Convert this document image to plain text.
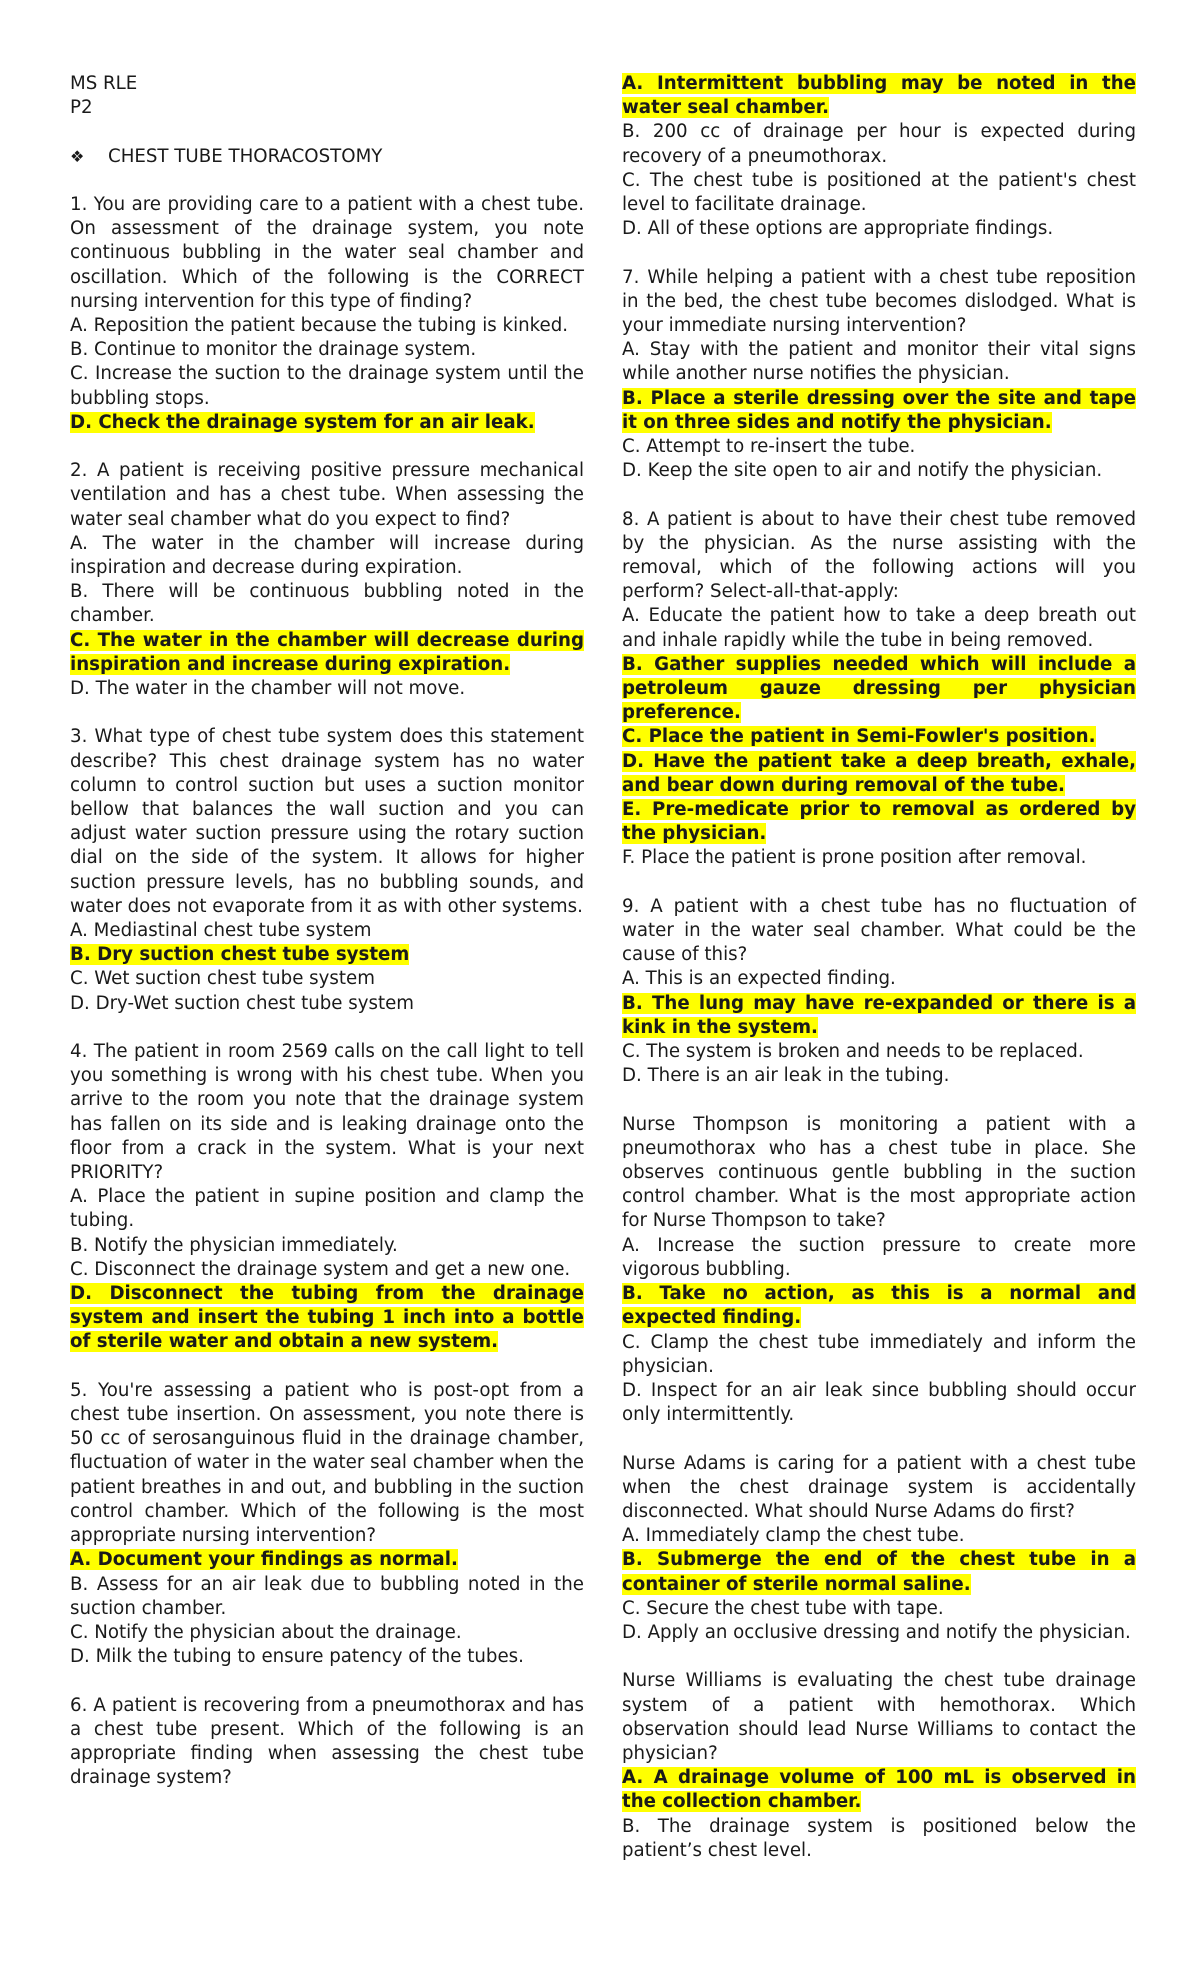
MS RLE

P2

❖	CHEST TUBE THORACOSTOMY

1. You are providing care to a patient with a chest tube. On assessment of the drainage system, you note continuous bubbling in the water seal chamber and oscillation. Which of the following is the CORRECT nursing intervention for this type of finding?

A. Reposition the patient because the tubing is kinked.

B. Continue to monitor the drainage system.

C. Increase the suction to the drainage system until the bubbling stops.

D. Check the drainage system for an air leak.

2. A patient is receiving positive pressure mechanical ventilation and has a chest tube. When assessing the water seal chamber what do you expect to find?

A. The water in the chamber will increase during inspiration and decrease during expiration.

B. There will be continuous bubbling noted in the chamber.

C. The water in the chamber will decrease during inspiration and increase during expiration.

D. The water in the chamber will not move.

3. What type of chest tube system does this statement describe? This chest drainage system has no water column to control suction but uses a suction monitor bellow that balances the wall suction and you can adjust water suction pressure using the rotary suction dial on the side of the system. It allows for higher suction pressure levels, has no bubbling sounds, and water does not evaporate from it as with other systems.

A. Mediastinal chest tube system

B. Dry suction chest tube system

C. Wet suction chest tube system

D. Dry-Wet suction chest tube system

4. The patient in room 2569 calls on the call light to tell you something is wrong with his chest tube. When you arrive to the room you note that the drainage system has fallen on its side and is leaking drainage onto the floor from a crack in the system. What is your next PRIORITY?

A. Place the patient in supine position and clamp the tubing.

B. Notify the physician immediately.

C. Disconnect the drainage system and get a new one.

D. Disconnect the tubing from the drainage system and insert the tubing 1 inch into a bottle of sterile water and obtain a new system.

5. You're assessing a patient who is post-opt from a chest tube insertion. On assessment, you note there is 50 cc of serosanguinous fluid in the drainage chamber, fluctuation of water in the water seal chamber when the patient breathes in and out, and bubbling in the suction control chamber. Which of the following is the most appropriate nursing intervention?

A. Document your findings as normal.

B. Assess for an air leak due to bubbling noted in the suction chamber.

C. Notify the physician about the drainage.

D. Milk the tubing to ensure patency of the tubes.

6. A patient is recovering from a pneumothorax and has a chest tube present. Which of the following is an appropriate finding when assessing the chest tube drainage system?

A. Intermittent bubbling may be noted in the water seal chamber.

B. 200 cc of drainage per hour is expected during recovery of a pneumothorax.

C. The chest tube is positioned at the patient's chest level to facilitate drainage.

D. All of these options are appropriate findings.

7. While helping a patient with a chest tube reposition in the bed, the chest tube becomes dislodged. What is your immediate nursing intervention?

A. Stay with the patient and monitor their vital signs while another nurse notifies the physician.

B. Place a sterile dressing over the site and tape it on three sides and notify the physician.

C. Attempt to re-insert the tube.

D. Keep the site open to air and notify the physician.

8. A patient is about to have their chest tube removed by the physician. As the nurse assisting with the removal, which of the following actions will you perform? Select-all-that-apply:

A. Educate the patient how to take a deep breath out and inhale rapidly while the tube in being removed.

B. Gather supplies needed which will include a petroleum gauze dressing per physician preference.

C. Place the patient in Semi-Fowler's position.

D. Have the patient take a deep breath, exhale, and bear down during removal of the tube.

E. Pre-medicate prior to removal as ordered by the physician.

F. Place the patient is prone position after removal.

9. A patient with a chest tube has no fluctuation of water in the water seal chamber. What could be the cause of this?

A. This is an expected finding.

B. The lung may have re-expanded or there is a kink in the system.

C. The system is broken and needs to be replaced.

D. There is an air leak in the tubing.

Nurse Thompson is monitoring a patient with a pneumothorax who has a chest tube in place. She observes continuous gentle bubbling in the suction control chamber. What is the most appropriate action for Nurse Thompson to take?

A. Increase the suction pressure to create more vigorous bubbling.

B. Take no action, as this is a normal and expected finding.

C. Clamp the chest tube immediately and inform the physician.

D. Inspect for an air leak since bubbling should occur only intermittently.

Nurse Adams is caring for a patient with a chest tube when the chest drainage system is accidentally disconnected. What should Nurse Adams do first?

A. Immediately clamp the chest tube.

B. Submerge the end of the chest tube in a container of sterile normal saline.

C. Secure the chest tube with tape.

D. Apply an occlusive dressing and notify the physician.

Nurse Williams is evaluating the chest tube drainage system of a patient with hemothorax. Which observation should lead Nurse Williams to contact the physician?

A. A drainage volume of 100 mL is observed in the collection chamber.

B. The drainage system is positioned below the patient’s chest level.
